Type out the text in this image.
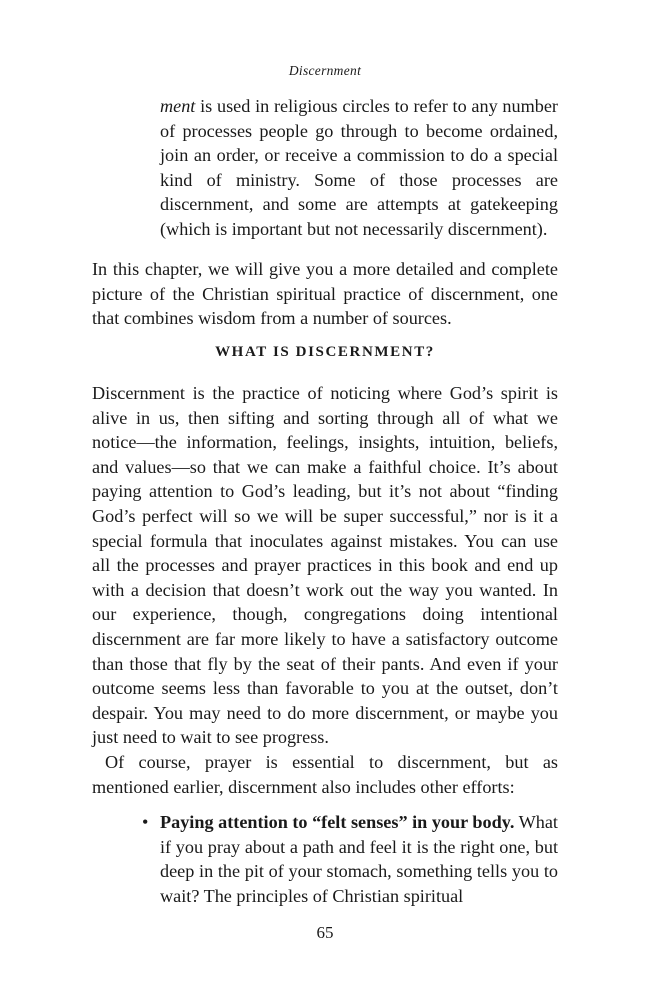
Discernment

ment is used in religious circles to refer to any number of processes people go through to become ordained, join an order, or receive a commission to do a special kind of ministry. Some of those processes are discernment, and some are attempts at gatekeeping (which is important but not necessarily discernment).

In this chapter, we will give you a more detailed and complete picture of the Christian spiritual practice of discernment, one that combines wisdom from a number of sources.

WHAT IS DISCERNMENT?

Discernment is the practice of noticing where God’s spirit is alive in us, then sifting and sorting through all of what we notice—the information, feelings, insights, intuition, beliefs, and values—so that we can make a faithful choice. It’s about paying attention to God’s leading, but it’s not about “finding God’s perfect will so we will be super successful,” nor is it a special formula that inoculates against mistakes. You can use all the processes and prayer practices in this book and end up with a decision that doesn’t work out the way you wanted. In our experience, though, congregations doing intentional discernment are far more likely to have a satisfactory outcome than those that fly by the seat of their pants. And even if your outcome seems less than favorable to you at the outset, don’t despair. You may need to do more discernment, or maybe you just need to wait to see progress.

Of course, prayer is essential to discernment, but as mentioned earlier, discernment also includes other efforts:

• Paying attention to “felt senses” in your body. What if you pray about a path and feel it is the right one, but deep in the pit of your stomach, something tells you to wait? The principles of Christian spiritual

65
